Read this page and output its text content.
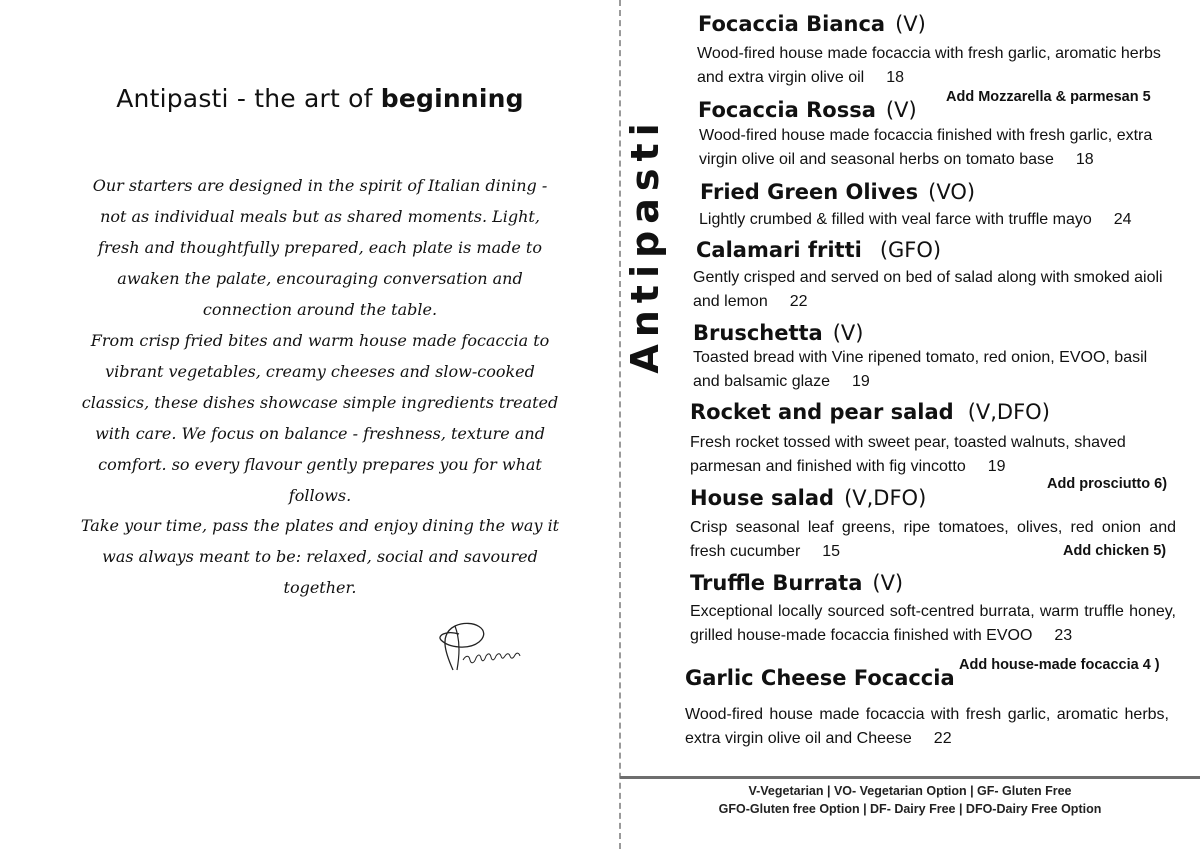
Antipasti - the art of beginning

Our starters are designed in the spirit of Italian dining - not as individual meals but as shared moments. Light, fresh and thoughtfully prepared, each plate is made to awaken the palate, encouraging conversation and connection around the table.

From crisp fried bites and warm house made focaccia to vibrant vegetables, creamy cheeses and slow-cooked classics, these dishes showcase simple ingredients treated with care. We focus on balance - freshness, texture and comfort. so every flavour gently prepares you for what follows.

Take your time, pass the plates and enjoy dining the way it was always meant to be: relaxed, social and savoured together.

Antipasti
Focaccia Bianca (V)
Wood-fired house made focaccia with fresh garlic, aromatic herbs and extra virgin olive oil 18
Add Mozzarella & parmesan 5
Focaccia Rossa (V)
Wood-fired house made focaccia finished with fresh garlic, extra virgin olive oil and seasonal herbs on tomato base 18
Fried Green Olives (VO)
Lightly crumbed & filled with veal farce with truffle mayo 24
Calamari fritti (GFO)
Gently crisped and served on bed of salad along with smoked aioli and lemon 22
Bruschetta (V)
Toasted bread with Vine ripened tomato, red onion, EVOO, basil and balsamic glaze 19
Rocket and pear salad (V,DFO)
Fresh rocket tossed with sweet pear, toasted walnuts, shaved parmesan and finished with fig vincotto 19
Add prosciutto 6)
House salad (V,DFO)
Crisp seasonal leaf greens, ripe tomatoes, olives, red onion and fresh cucumber 15	Add chicken 5)
Truffle Burrata (V)
Exceptional locally sourced soft-centred burrata, warm truffle honey, grilled house-made focaccia finished with EVOO 23
Add house-made focaccia 4 )
Garlic Cheese Focaccia
Wood-fired house made focaccia with fresh garlic, aromatic herbs, extra virgin olive oil and Cheese 22
V-Vegetarian | VO- Vegetarian Option | GF- Gluten Free
GFO-Gluten free Option | DF- Dairy Free | DFO-Dairy Free Option
